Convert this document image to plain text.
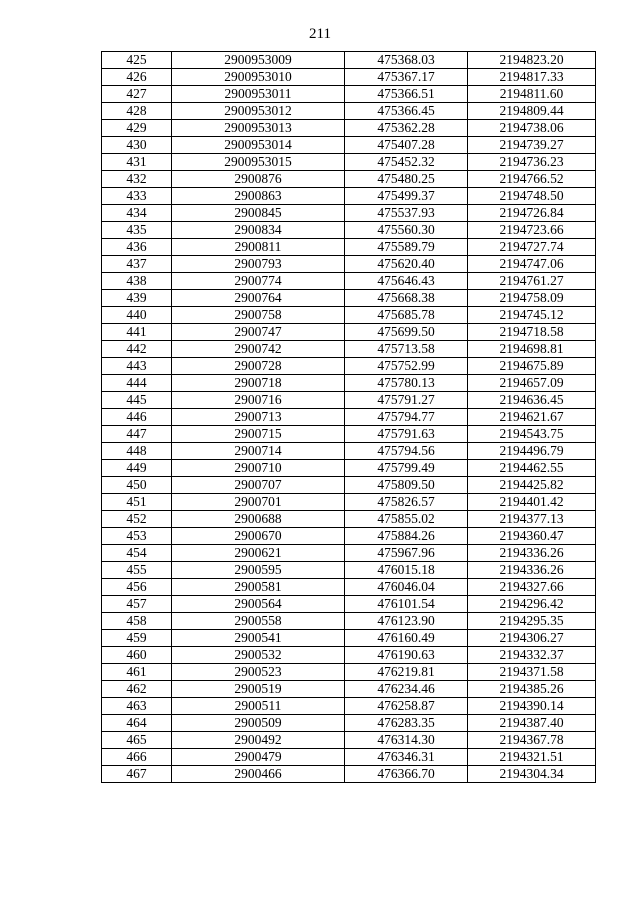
211
425	2900953009	475368.03	2194823.20
426	2900953010	475367.17	2194817.33
427	2900953011	475366.51	2194811.60
428	2900953012	475366.45	2194809.44
429	2900953013	475362.28	2194738.06
430	2900953014	475407.28	2194739.27
431	2900953015	475452.32	2194736.23
432	2900876	475480.25	2194766.52
433	2900863	475499.37	2194748.50
434	2900845	475537.93	2194726.84
435	2900834	475560.30	2194723.66
436	2900811	475589.79	2194727.74
437	2900793	475620.40	2194747.06
438	2900774	475646.43	2194761.27
439	2900764	475668.38	2194758.09
440	2900758	475685.78	2194745.12
441	2900747	475699.50	2194718.58
442	2900742	475713.58	2194698.81
443	2900728	475752.99	2194675.89
444	2900718	475780.13	2194657.09
445	2900716	475791.27	2194636.45
446	2900713	475794.77	2194621.67
447	2900715	475791.63	2194543.75
448	2900714	475794.56	2194496.79
449	2900710	475799.49	2194462.55
450	2900707	475809.50	2194425.82
451	2900701	475826.57	2194401.42
452	2900688	475855.02	2194377.13
453	2900670	475884.26	2194360.47
454	2900621	475967.96	2194336.26
455	2900595	476015.18	2194336.26
456	2900581	476046.04	2194327.66
457	2900564	476101.54	2194296.42
458	2900558	476123.90	2194295.35
459	2900541	476160.49	2194306.27
460	2900532	476190.63	2194332.37
461	2900523	476219.81	2194371.58
462	2900519	476234.46	2194385.26
463	2900511	476258.87	2194390.14
464	2900509	476283.35	2194387.40
465	2900492	476314.30	2194367.78
466	2900479	476346.31	2194321.51
467	2900466	476366.70	2194304.34
